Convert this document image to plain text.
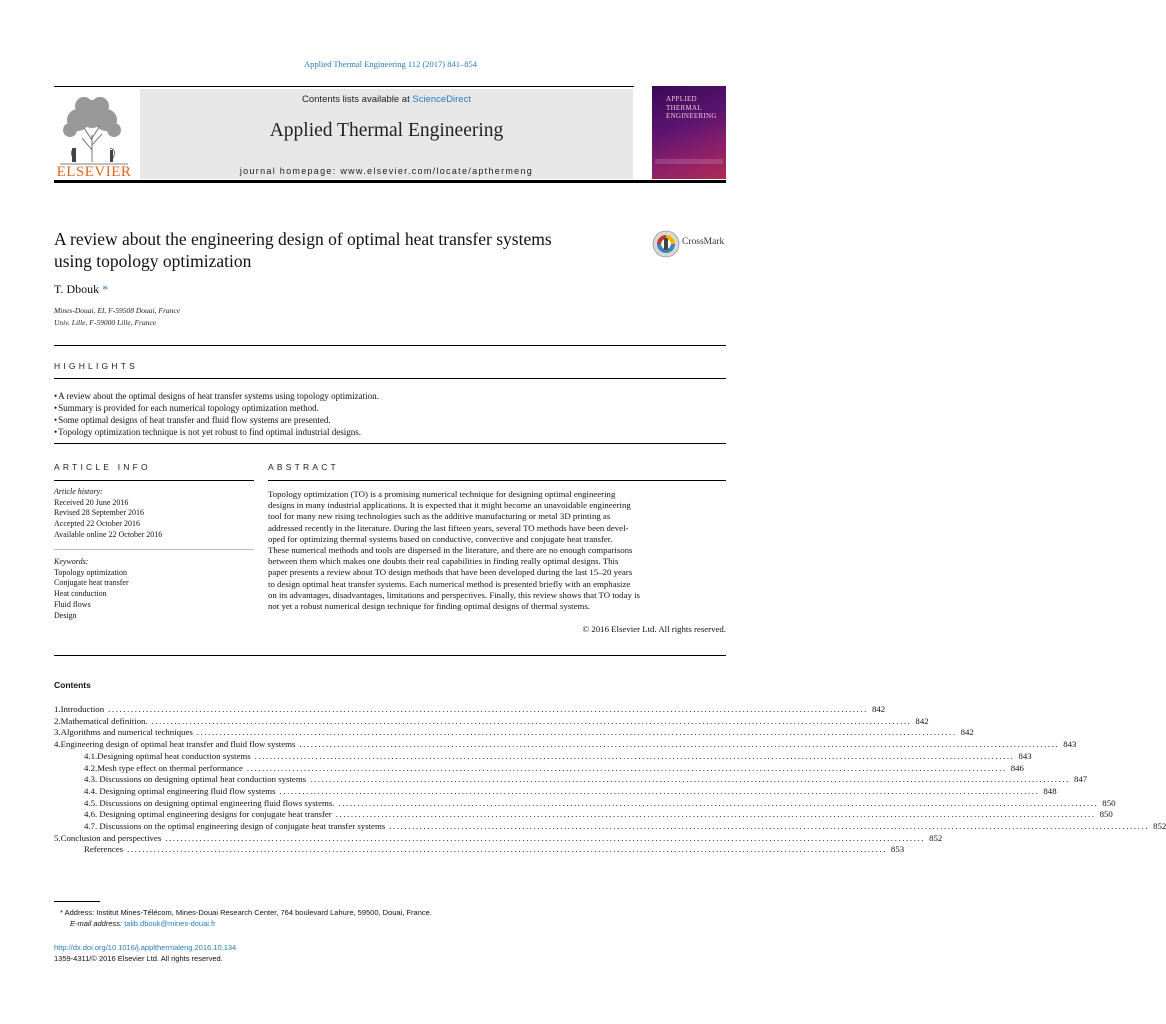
Applied Thermal Engineering 112 (2017) 841–854
ELSEVIER
Contents lists available at ScienceDirect
Applied Thermal Engineering
journal homepage: www.elsevier.com/locate/apthermeng
APPLIED
THERMAL
ENGINEERING
A review about the engineering design of optimal heat transfer systems
using topology optimization
CrossMark
T. Dbouk *
Mines-Douai, EI, F-59508 Douai, France
Univ. Lille, F-59000 Lille, France
HIGHLIGHTS
• A review about the optimal designs of heat transfer systems using topology optimization.
• Summary is provided for each numerical topology optimization method.
• Some optimal designs of heat transfer and fluid flow systems are presented.
• Topology optimization technique is not yet robust to find optimal industrial designs.
ARTICLE INFO
Article history:
Received 20 June 2016
Revised 28 September 2016
Accepted 22 October 2016
Available online 22 October 2016
Keywords:
Topology optimization
Conjugate heat transfer
Heat conduction
Fluid flows
Design
ABSTRACT
Topology optimization (TO) is a promising numerical technique for designing optimal engineering
designs in many industrial applications. It is expected that it might become an unavoidable engineering
tool for many new rising technologies such as the additive manufacturing or metal 3D printing as
addressed recently in the literature. During the last fifteen years, several TO methods have been devel-
oped for optimizing thermal systems based on conductive, convective and conjugate heat transfer.
These numerical methods and tools are dispersed in the literature, and there are no enough comparisons
between them which makes one doubts their real capabilities in finding really optimal designs. This
paper presents a review about TO design methods that have been developed during the last 15–20 years
to design optimal heat transfer systems. Each numerical method is presented briefly with an emphasize
on its advantages, disadvantages, limitations and perspectives. Finally, this review shows that TO today is
not yet a robust numerical design technique for finding optimal designs of thermal systems.
© 2016 Elsevier Ltd. All rights reserved.
Contents
1. Introduction ........................................................................................................................................................................................................ 842
2. Mathematical definition. ........................................................................................................................................................................................................ 842
3. Algorithms and numerical techniques ........................................................................................................................................................................................................ 842
4. Engineering design of optimal heat transfer and fluid flow systems ........................................................................................................................................................................................................ 843
4.1. Designing optimal heat conduction systems ........................................................................................................................................................................................................ 843
4.2. Mesh type effect on thermal performance ........................................................................................................................................................................................................ 846
4.3. Discussions on designing optimal heat conduction systems ........................................................................................................................................................................................................ 847
4.4. Designing optimal engineering fluid flow systems ........................................................................................................................................................................................................ 848
4.5. Discussions on designing optimal engineering fluid flows systems. ........................................................................................................................................................................................................ 850
4.6. Designing optimal engineering designs for conjugate heat transfer ........................................................................................................................................................................................................ 850
4.7. Discussions on the optimal engineering design of conjugate heat transfer systems ........................................................................................................................................................................................................ 852
5. Conclusion and perspectives ........................................................................................................................................................................................................ 852
References ........................................................................................................................................................................................................ 853
* Address: Institut Mines-Télécom, Mines-Douai Research Center, 764 boulevard Lahure, 59500, Douai, France.
E-mail address: talib.dbouk@mines-douai.fr
http://dx.doi.org/10.1016/j.applthermaleng.2016.10.134
1359-4311/© 2016 Elsevier Ltd. All rights reserved.
